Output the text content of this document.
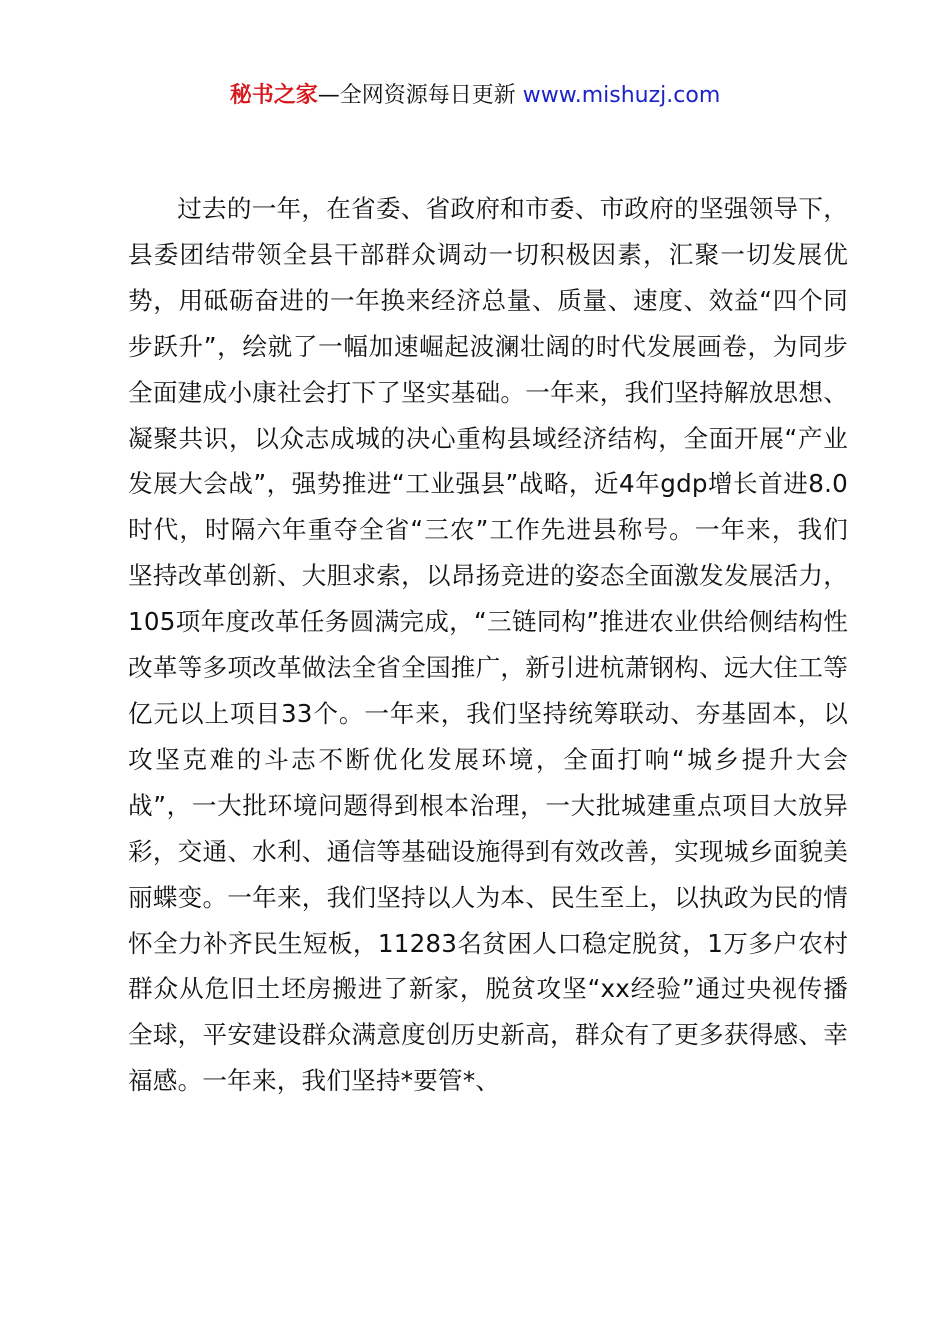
秘书之家—全网资源每日更新 www.mishuzj.com

过去的一年，在省委、省政府和市委、市政府的坚强领导下，县委团结带领全县干部群众调动一切积极因素，汇聚一切发展优势，用砥砺奋进的一年换来经济总量、质量、速度、效益“四个同步跃升”，绘就了一幅加速崛起波澜壮阔的时代发展画卷，为同步全面建成小康社会打下了坚实基础。一年来，我们坚持解放思想、凝聚共识，以众志成城的决心重构县域经济结构，全面开展“产业发展大会战”，强势推进“工业强县”战略，近4年gdp增长首进8.0时代，时隔六年重夺全省“三农”工作先进县称号。一年来，我们坚持改革创新、大胆求索，以昂扬竞进的姿态全面激发发展活力，105项年度改革任务圆满完成，“三链同构”推进农业供给侧结构性改革等多项改革做法全省全国推广，新引进杭萧钢构、远大住工等亿元以上项目33个。一年来，我们坚持统筹联动、夯基固本，以攻坚克难的斗志不断优化发展环境，全面打响“城乡提升大会战”，一大批环境问题得到根本治理，一大批城建重点项目大放异彩，交通、水利、通信等基础设施得到有效改善，实现城乡面貌美丽蝶变。一年来，我们坚持以人为本、民生至上，以执政为民的情怀全力补齐民生短板，11283名贫困人口稳定脱贫，1万多户农村群众从危旧土坯房搬进了新家，脱贫攻坚“xx经验”通过央视传播全球，平安建设群众满意度创历史新高，群众有了更多获得感、幸福感。一年来，我们坚持*要管*、
